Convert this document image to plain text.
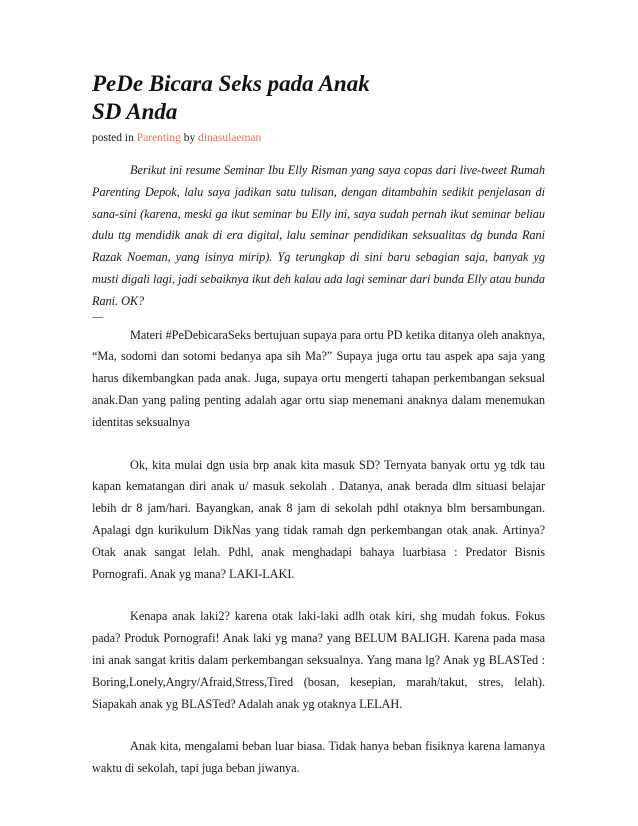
PeDe Bicara Seks pada Anak
SD Anda
posted in Parenting by dinasulaeman

Berikut ini resume Seminar Ibu Elly Risman yang saya copas dari live-tweet Rumah Parenting Depok, lalu saya jadikan satu tulisan, dengan ditambahin sedikit penjelasan di sana-sini (karena, meski ga ikut seminar bu Elly ini, saya sudah pernah ikut seminar beliau dulu ttg mendidik anak di era digital, lalu seminar pendidikan seksualitas dg bunda Rani Razak Noeman, yang isinya mirip). Yg terungkap di sini baru sebagian saja, banyak yg musti digali lagi, jadi sebaiknya ikut deh kalau ada lagi seminar dari bunda Elly atau bunda Rani. OK?

—

Materi #PeDebicaraSeks bertujuan supaya para ortu PD ketika ditanya oleh anaknya, “Ma, sodomi dan sotomi bedanya apa sih Ma?” Supaya juga ortu tau aspek apa saja yang harus dikembangkan pada anak. Juga, supaya ortu mengerti tahapan perkembangan seksual anak.Dan yang paling penting adalah agar ortu siap menemani anaknya dalam menemukan identitas seksualnya

Ok, kita mulai dgn usia brp anak kita masuk SD? Ternyata banyak ortu yg tdk tau kapan kematangan diri anak u/ masuk sekolah . Datanya, anak berada dlm situasi belajar lebih dr 8 jam/hari. Bayangkan, anak 8 jam di sekolah pdhl otaknya blm bersambungan. Apalagi dgn kurikulum DikNas yang tidak ramah dgn perkembangan otak anak. Artinya? Otak anak sangat lelah. Pdhl, anak menghadapi bahaya luarbiasa : Predator Bisnis Pornografi. Anak yg mana? LAKI-LAKI.

Kenapa anak laki2? karena otak laki-laki adlh otak kiri, shg mudah fokus. Fokus pada? Produk Pornografi! Anak laki yg mana? yang BELUM BALIGH. Karena pada masa ini anak sangat kritis dalam perkembangan seksualnya. Yang mana lg? Anak yg BLASTed : Boring,Lonely,Angry/Afraid,Stress,Tired (bosan, kesepian, marah/takut, stres, lelah). Siapakah anak yg BLASTed? Adalah anak yg otaknya LELAH.

Anak kita, mengalami beban luar biasa. Tidak hanya beban fisiknya karena lamanya waktu di sekolah, tapi juga beban jiwanya.
